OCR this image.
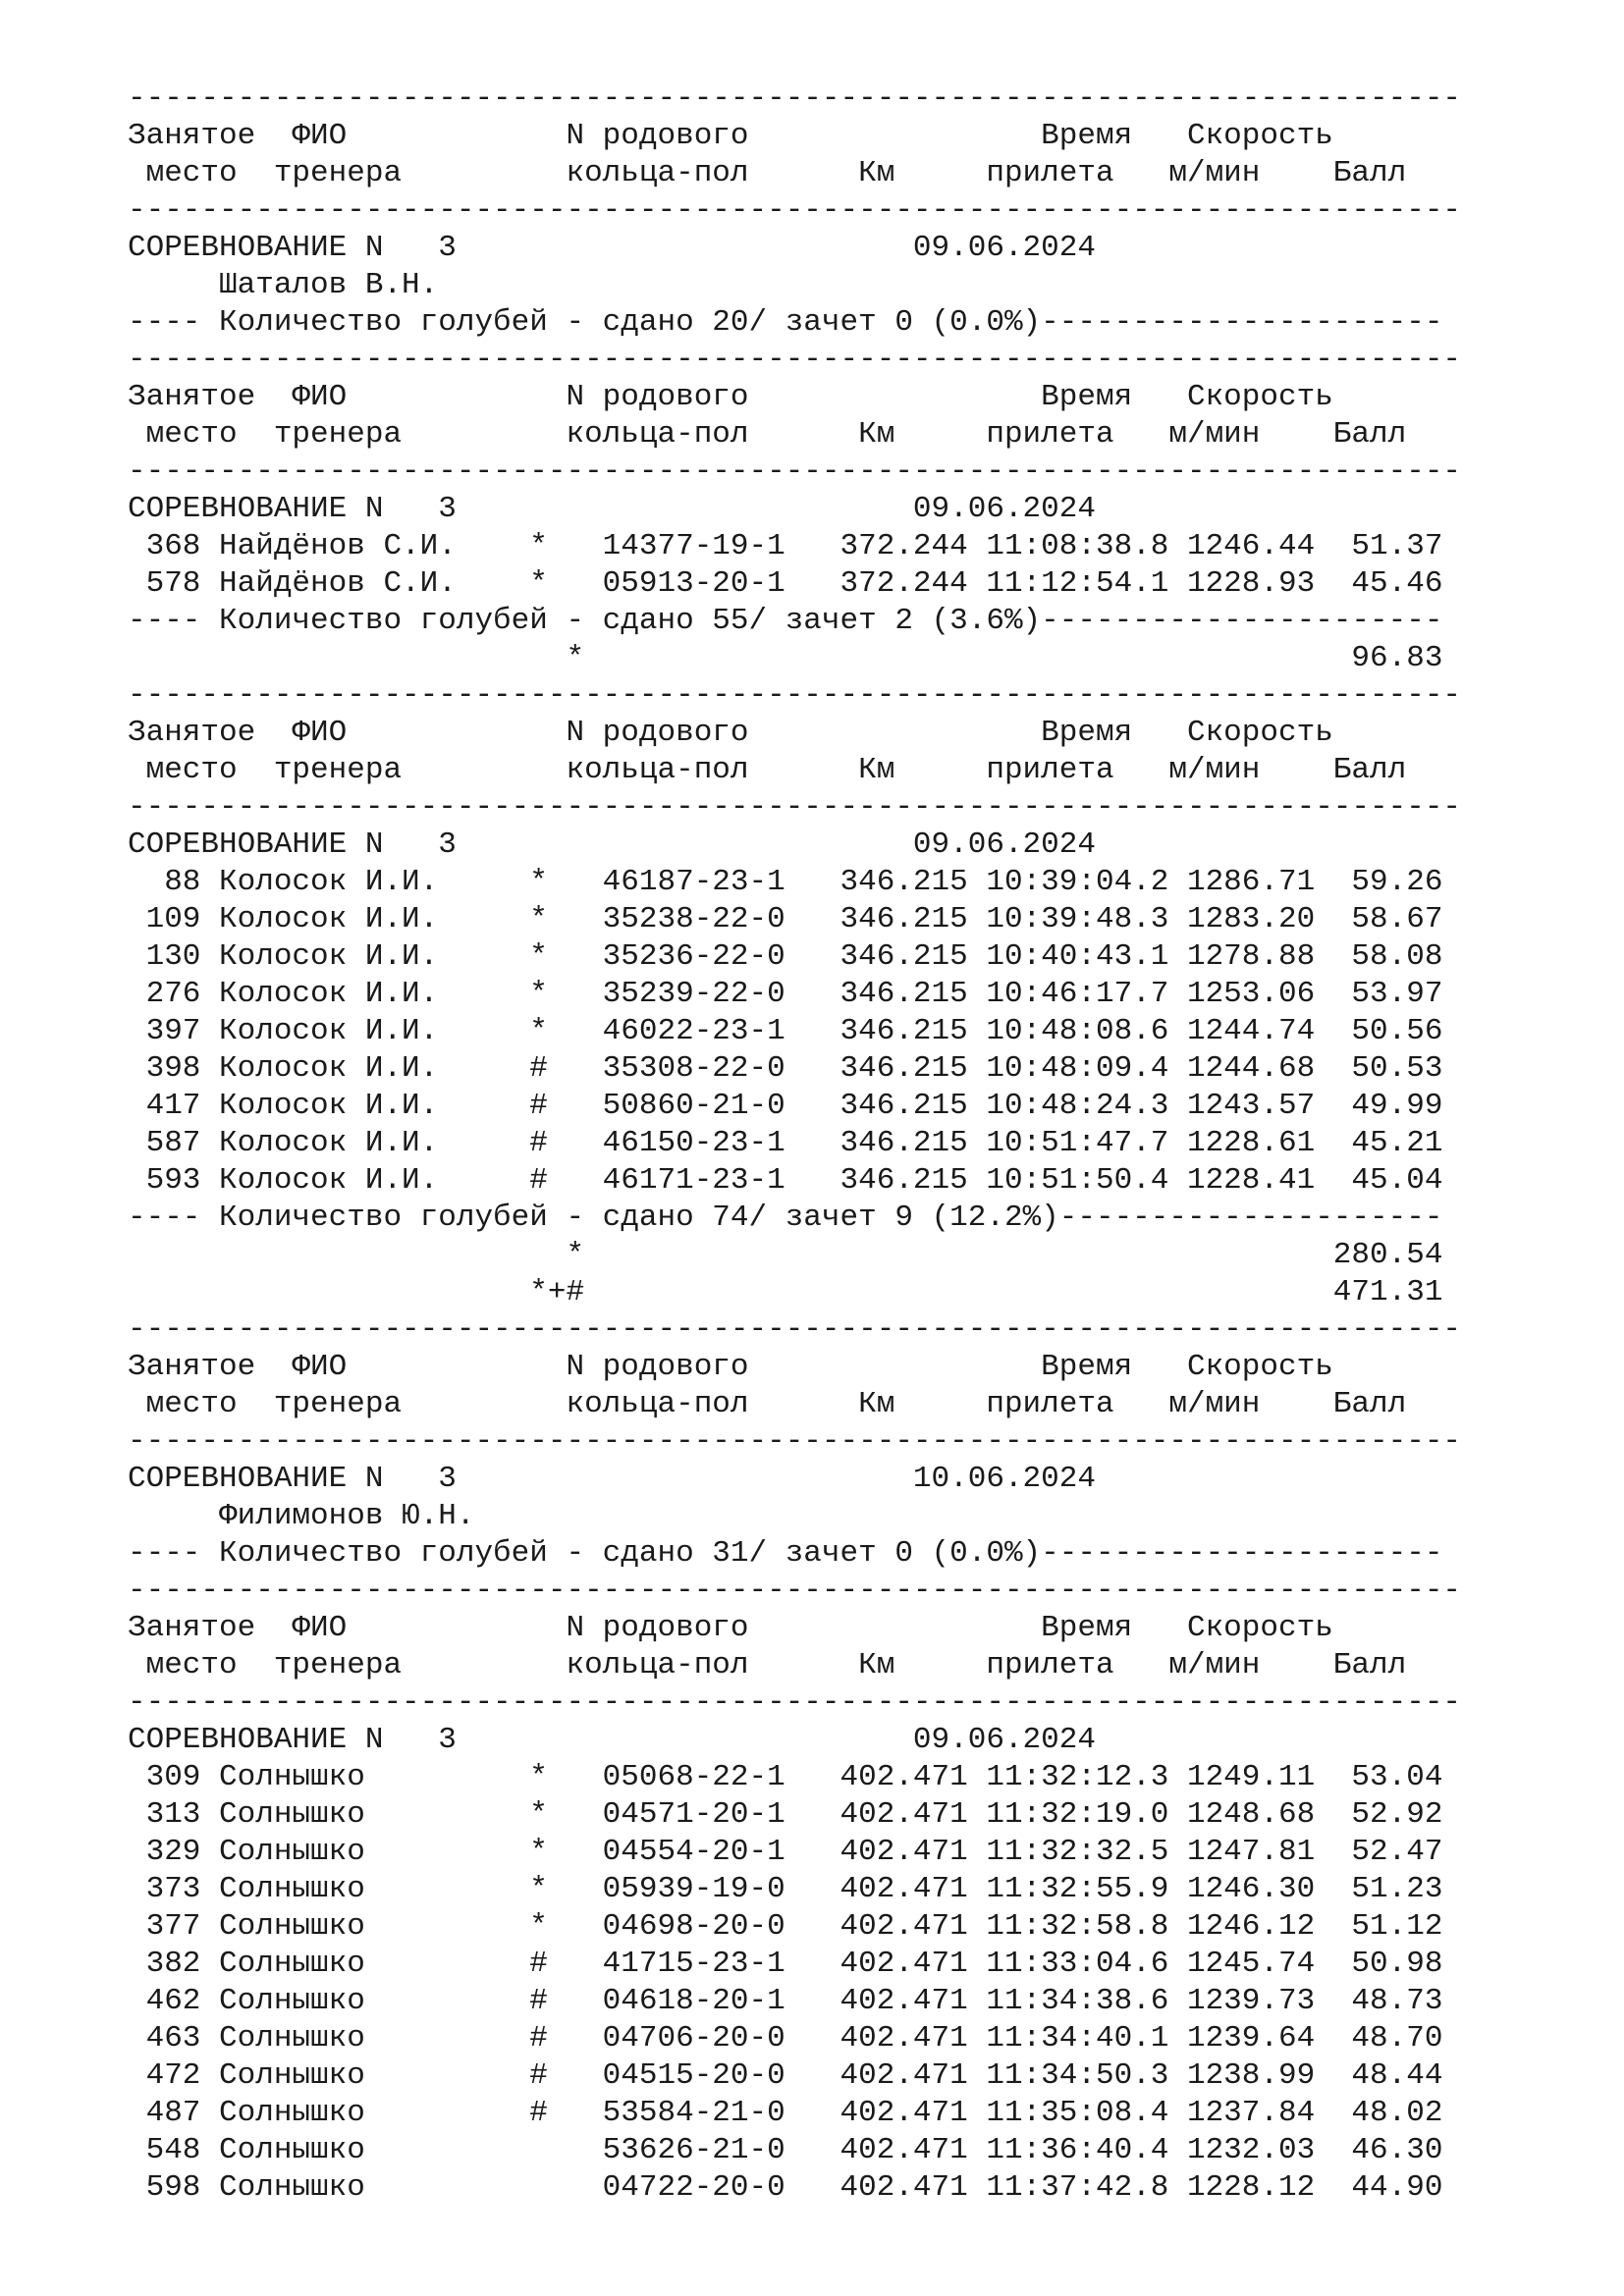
-------------------------------------------------------------------------
Занятое  ФИО            N родового                Время   Скорость
место  тренера         кольца-пол      Км     прилета   м/мин    Балл
-------------------------------------------------------------------------
СОРЕВНОВАНИЕ N   3                         09.06.2024
Шаталов В.Н.
---- Количество голубей - сдано 20/ зачет 0 (0.0%)----------------------
-------------------------------------------------------------------------
Занятое  ФИО            N родового                Время   Скорость
место  тренера         кольца-пол      Км     прилета   м/мин    Балл
-------------------------------------------------------------------------
СОРЕВНОВАНИЕ N   3                         09.06.2024
368 Найдёнов С.И.    *   14377-19-1   372.244 11:08:38.8 1246.44  51.37
578 Найдёнов С.И.    *   05913-20-1   372.244 11:12:54.1 1228.93  45.46
---- Количество голубей - сдано 55/ зачет 2 (3.6%)----------------------
*                                          96.83
-------------------------------------------------------------------------
Занятое  ФИО            N родового                Время   Скорость
место  тренера         кольца-пол      Км     прилета   м/мин    Балл
-------------------------------------------------------------------------
СОРЕВНОВАНИЕ N   3                         09.06.2024
88 Колосок И.И.     *   46187-23-1   346.215 10:39:04.2 1286.71  59.26
109 Колосок И.И.     *   35238-22-0   346.215 10:39:48.3 1283.20  58.67
130 Колосок И.И.     *   35236-22-0   346.215 10:40:43.1 1278.88  58.08
276 Колосок И.И.     *   35239-22-0   346.215 10:46:17.7 1253.06  53.97
397 Колосок И.И.     *   46022-23-1   346.215 10:48:08.6 1244.74  50.56
398 Колосок И.И.     #   35308-22-0   346.215 10:48:09.4 1244.68  50.53
417 Колосок И.И.     #   50860-21-0   346.215 10:48:24.3 1243.57  49.99
587 Колосок И.И.     #   46150-23-1   346.215 10:51:47.7 1228.61  45.21
593 Колосок И.И.     #   46171-23-1   346.215 10:51:50.4 1228.41  45.04
---- Количество голубей - сдано 74/ зачет 9 (12.2%)---------------------
*                                         280.54
*+#                                         471.31
-------------------------------------------------------------------------
Занятое  ФИО            N родового                Время   Скорость
место  тренера         кольца-пол      Км     прилета   м/мин    Балл
-------------------------------------------------------------------------
СОРЕВНОВАНИЕ N   3                         10.06.2024
Филимонов Ю.Н.
---- Количество голубей - сдано 31/ зачет 0 (0.0%)----------------------
-------------------------------------------------------------------------
Занятое  ФИО            N родового                Время   Скорость
место  тренера         кольца-пол      Км     прилета   м/мин    Балл
-------------------------------------------------------------------------
СОРЕВНОВАНИЕ N   3                         09.06.2024
309 Солнышко         *   05068-22-1   402.471 11:32:12.3 1249.11  53.04
313 Солнышко         *   04571-20-1   402.471 11:32:19.0 1248.68  52.92
329 Солнышко         *   04554-20-1   402.471 11:32:32.5 1247.81  52.47
373 Солнышко         *   05939-19-0   402.471 11:32:55.9 1246.30  51.23
377 Солнышко         *   04698-20-0   402.471 11:32:58.8 1246.12  51.12
382 Солнышко         #   41715-23-1   402.471 11:33:04.6 1245.74  50.98
462 Солнышко         #   04618-20-1   402.471 11:34:38.6 1239.73  48.73
463 Солнышко         #   04706-20-0   402.471 11:34:40.1 1239.64  48.70
472 Солнышко         #   04515-20-0   402.471 11:34:50.3 1238.99  48.44
487 Солнышко         #   53584-21-0   402.471 11:35:08.4 1237.84  48.02
548 Солнышко             53626-21-0   402.471 11:36:40.4 1232.03  46.30
598 Солнышко             04722-20-0   402.471 11:37:42.8 1228.12  44.90
